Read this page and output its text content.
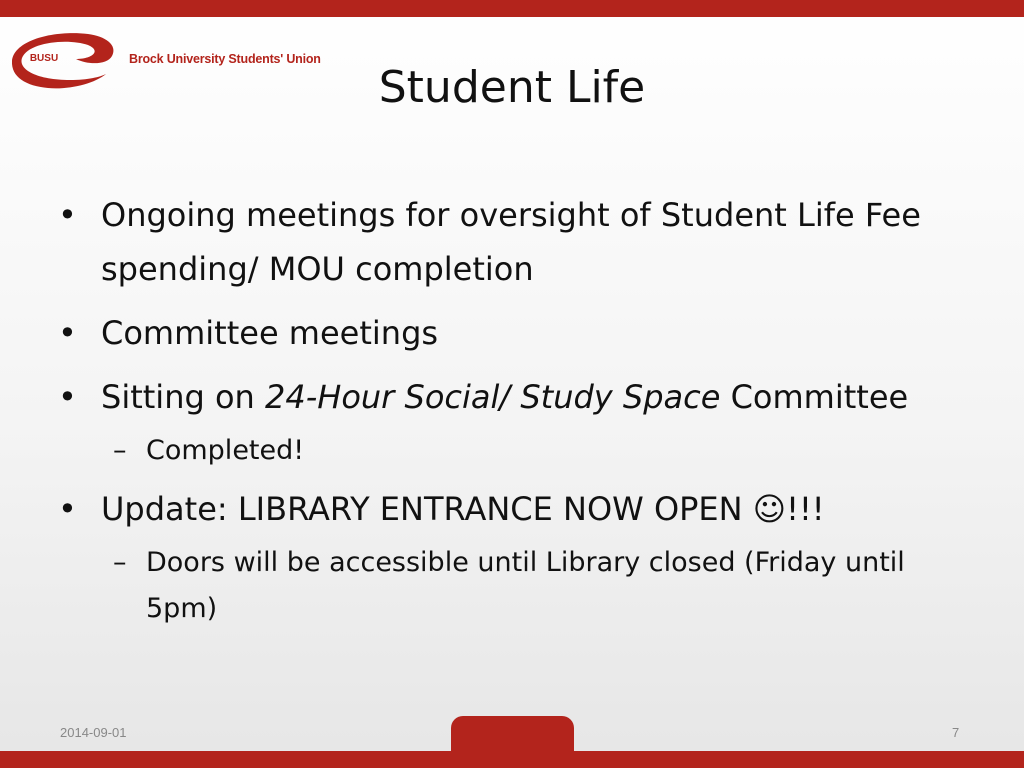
BUSU	Brock University Students' Union
Student Life
• Ongoing meetings for oversight of Student Life Fee spending/ MOU completion
• Committee meetings
• Sitting on 24-Hour Social/ Study Space Committee
– Completed!
• Update: LIBRARY ENTRANCE NOW OPEN ☺!!!
– Doors will be accessible until Library closed (Friday until 5pm)
2014-09-01	7
